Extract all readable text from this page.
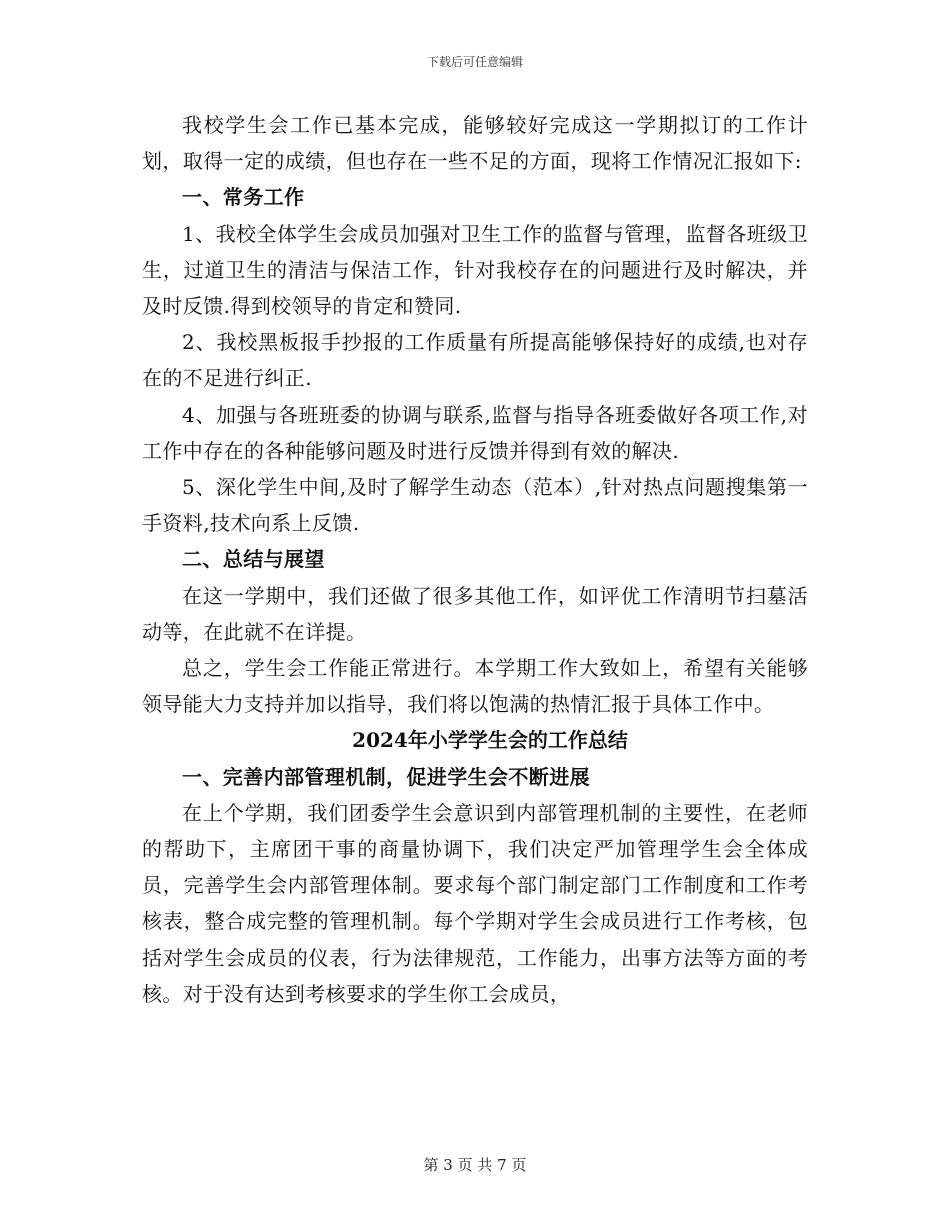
下载后可任意编辑

我校学生会工作已基本完成，能够较好完成这一学期拟订的工作计划，取得一定的成绩，但也存在一些不足的方面，现将工作情况汇报如下:

一、常务工作

1、我校全体学生会成员加强对卫生工作的监督与管理，监督各班级卫生，过道卫生的清洁与保洁工作，针对我校存在的问题进行及时解决，并及时反馈.得到校领导的肯定和赞同.

2、我校黑板报手抄报的工作质量有所提高能够保持好的成绩,也对存在的不足进行纠正.

4、加强与各班班委的协调与联系,监督与指导各班委做好各项工作,对工作中存在的各种能够问题及时进行反馈并得到有效的解决.

5、深化学生中间,及时了解学生动态（范本）,针对热点问题搜集第一手资料,技术向系上反馈.

二、总结与展望

在这一学期中，我们还做了很多其他工作，如评优工作清明节扫墓活动等，在此就不在详提。

总之，学生会工作能正常进行。本学期工作大致如上，希望有关能够领导能大力支持并加以指导，我们将以饱满的热情汇报于具体工作中。

2024年小学学生会的工作总结

一、完善内部管理机制，促进学生会不断进展

在上个学期，我们团委学生会意识到内部管理机制的主要性，在老师的帮助下，主席团干事的商量协调下，我们决定严加管理学生会全体成员，完善学生会内部管理体制。要求每个部门制定部门工作制度和工作考核表，整合成完整的管理机制。每个学期对学生会成员进行工作考核，包括对学生会成员的仪表，行为法律规范，工作能力，出事方法等方面的考核。对于没有达到考核要求的学生你工会成员，

第 3 页 共 7 页
